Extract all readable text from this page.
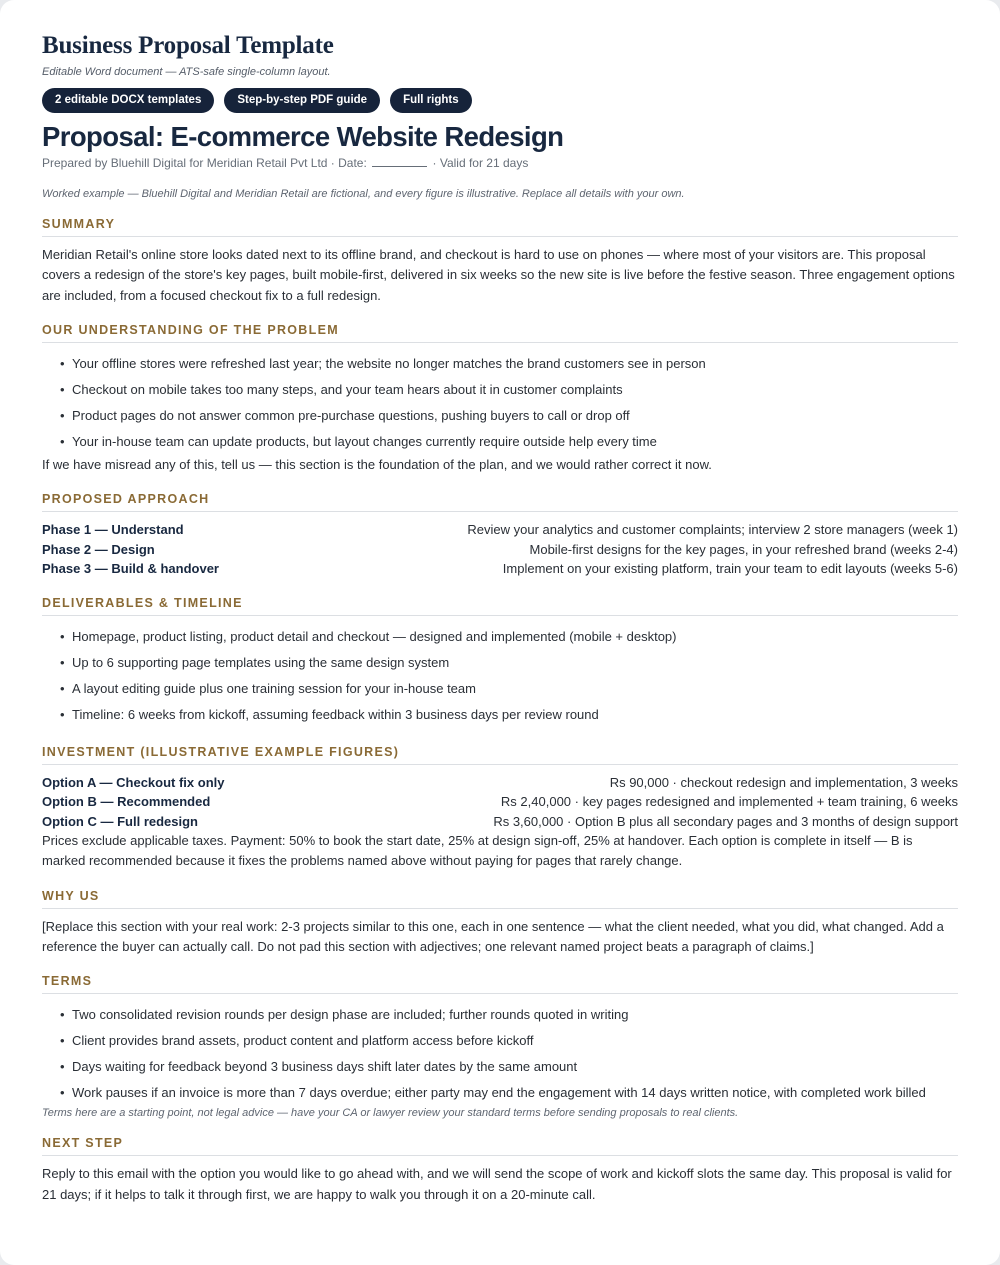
Business Proposal Template
Editable Word document — ATS-safe single-column layout.
2 editable DOCX templates	Step-by-step PDF guide	Full rights
Proposal: E-commerce Website Redesign
Prepared by Bluehill Digital for Meridian Retail Pvt Ltd · Date:	· Valid for 21 days
Worked example — Bluehill Digital and Meridian Retail are fictional, and every figure is illustrative. Replace all details with your own.
SUMMARY
Meridian Retail's online store looks dated next to its offline brand, and checkout is hard to use on phones — where most of your visitors are. This proposal covers a redesign of the store's key pages, built mobile-first, delivered in six weeks so the new site is live before the festive season. Three engagement options are included, from a focused checkout fix to a full redesign.
OUR UNDERSTANDING OF THE PROBLEM
• Your offline stores were refreshed last year; the website no longer matches the brand customers see in person
• Checkout on mobile takes too many steps, and your team hears about it in customer complaints
• Product pages do not answer common pre-purchase questions, pushing buyers to call or drop off
• Your in-house team can update products, but layout changes currently require outside help every time
If we have misread any of this, tell us — this section is the foundation of the plan, and we would rather correct it now.
PROPOSED APPROACH
Phase 1 — Understand	Review your analytics and customer complaints; interview 2 store managers (week 1)
Phase 2 — Design	Mobile-first designs for the key pages, in your refreshed brand (weeks 2-4)
Phase 3 — Build & handover	Implement on your existing platform, train your team to edit layouts (weeks 5-6)
DELIVERABLES & TIMELINE
• Homepage, product listing, product detail and checkout — designed and implemented (mobile + desktop)
• Up to 6 supporting page templates using the same design system
• A layout editing guide plus one training session for your in-house team
• Timeline: 6 weeks from kickoff, assuming feedback within 3 business days per review round
INVESTMENT (ILLUSTRATIVE EXAMPLE FIGURES)
Option A — Checkout fix only	Rs 90,000 · checkout redesign and implementation, 3 weeks
Option B — Recommended	Rs 2,40,000 · key pages redesigned and implemented + team training, 6 weeks
Option C — Full redesign	Rs 3,60,000 · Option B plus all secondary pages and 3 months of design support
Prices exclude applicable taxes. Payment: 50% to book the start date, 25% at design sign-off, 25% at handover. Each option is complete in itself — B is marked recommended because it fixes the problems named above without paying for pages that rarely change.
WHY US
[Replace this section with your real work: 2-3 projects similar to this one, each in one sentence — what the client needed, what you did, what changed. Add a reference the buyer can actually call. Do not pad this section with adjectives; one relevant named project beats a paragraph of claims.]
TERMS
• Two consolidated revision rounds per design phase are included; further rounds quoted in writing
• Client provides brand assets, product content and platform access before kickoff
• Days waiting for feedback beyond 3 business days shift later dates by the same amount
• Work pauses if an invoice is more than 7 days overdue; either party may end the engagement with 14 days written notice, with completed work billed
Terms here are a starting point, not legal advice — have your CA or lawyer review your standard terms before sending proposals to real clients.
NEXT STEP
Reply to this email with the option you would like to go ahead with, and we will send the scope of work and kickoff slots the same day. This proposal is valid for 21 days; if it helps to talk it through first, we are happy to walk you through it on a 20-minute call.
